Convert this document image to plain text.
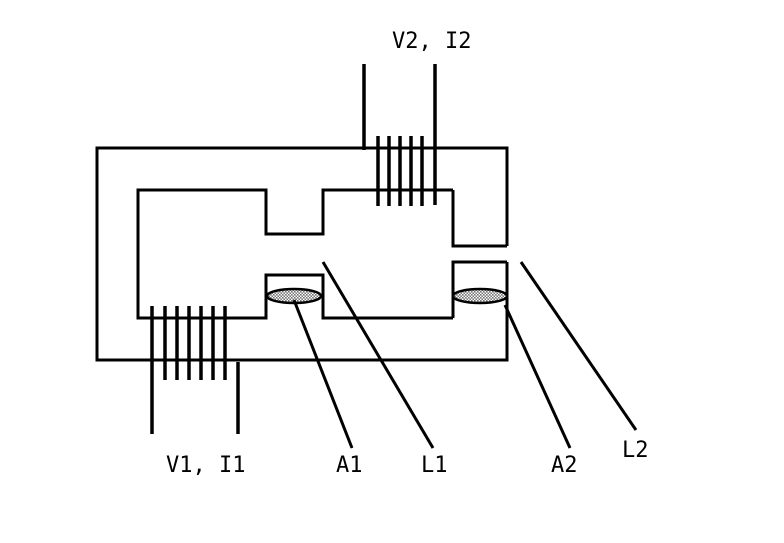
V2, I2
V1, I1	A1	L1	A2
L2
